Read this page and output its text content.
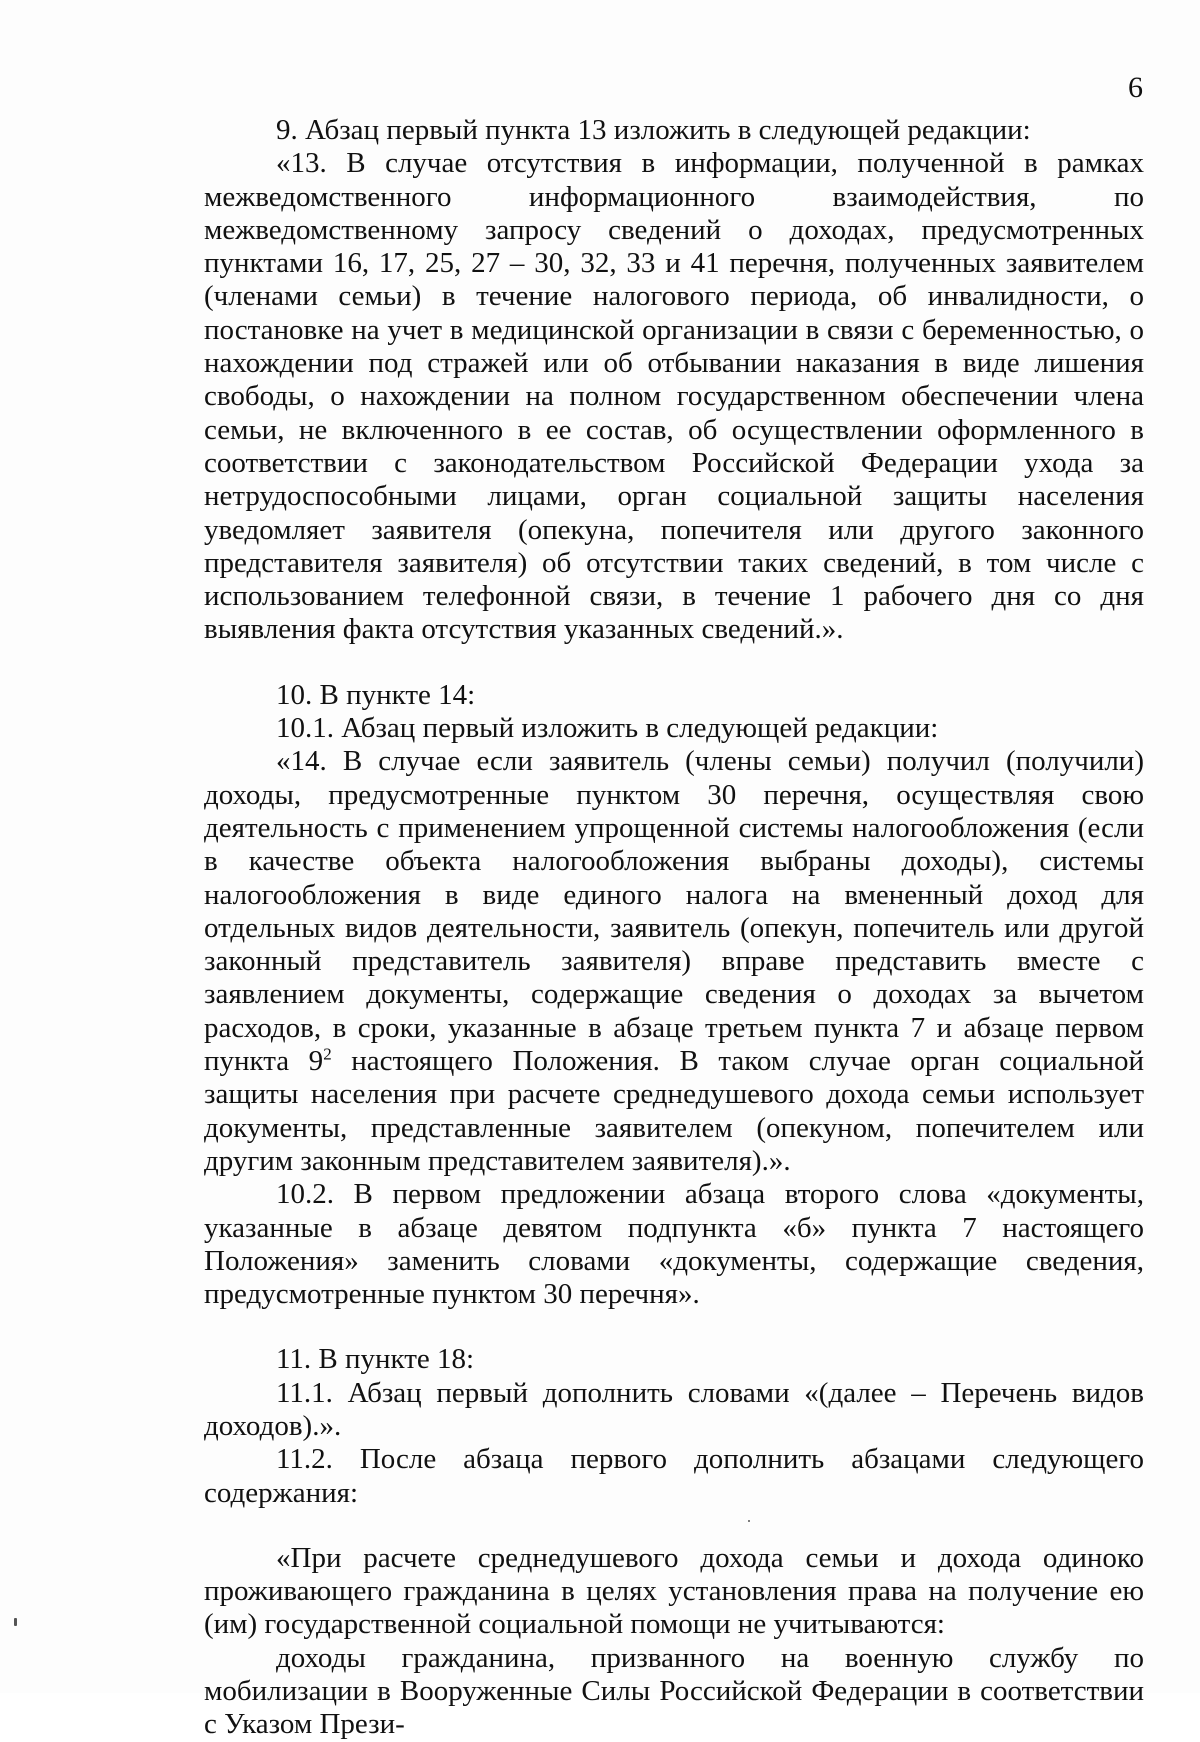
6

9. Абзац первый пункта 13 изложить в следующей редакции:

«13. В случае отсутствия в информации, полученной в рамках межведомственного информационного взаимодействия, по межведомственному запросу сведений о доходах, предусмотренных пунктами 16, 17, 25, 27 – 30, 32, 33 и 41 перечня, полученных заявителем (членами семьи) в течение налогового периода, об инвалидности, о постановке на учет в медицинской организации в связи с беременностью, о нахождении под стражей или об отбывании наказания в виде лишения свободы, о нахождении на полном государственном обеспечении члена семьи, не включенного в ее состав, об осуществлении оформленного в соответствии с законодательством Российской Федерации ухода за нетрудоспособными лицами, орган социальной защиты населения уведомляет заявителя (опекуна, попечителя или другого законного представителя заявителя) об отсутствии таких сведений, в том числе с использованием телефонной связи, в течение 1 рабочего дня со дня выявления факта отсутствия указанных сведений.».

10. В пункте 14:

10.1. Абзац первый изложить в следующей редакции:

«14. В случае если заявитель (члены семьи) получил (получили) доходы, предусмотренные пунктом 30 перечня, осуществляя свою деятельность с применением упрощенной системы налогообложения (если в качестве объекта налогообложения выбраны доходы), системы налогообложения в виде единого налога на вмененный доход для отдельных видов деятельности, заявитель (опекун, попечитель или другой законный представитель заявителя) вправе представить вместе с заявлением документы, содержащие сведения о доходах за вычетом расходов, в сроки, указанные в абзаце третьем пункта 7 и абзаце первом пункта $9^2$ настоящего Положения. В таком случае орган социальной защиты населения при расчете среднедушевого дохода семьи использует документы, представленные заявителем (опекуном, попечителем или другим законным представителем заявителя).».

10.2. В первом предложении абзаца второго слова «документы, указанные в абзаце девятом подпункта «б» пункта 7 настоящего Положения» заменить словами «документы, содержащие сведения, предусмотренные пунктом 30 перечня».

11. В пункте 18:

11.1. Абзац первый дополнить словами «(далее – Перечень видов доходов).».

11.2. После абзаца первого дополнить абзацами следующего содержания:

«При расчете среднедушевого дохода семьи и дохода одиноко проживающего гражданина в целях установления права на получение ею (им) государственной социальной помощи не учитываются:

доходы гражданина, призванного на военную службу по мобилизации в Вооруженные Силы Российской Федерации в соответствии с Указом Прези-
